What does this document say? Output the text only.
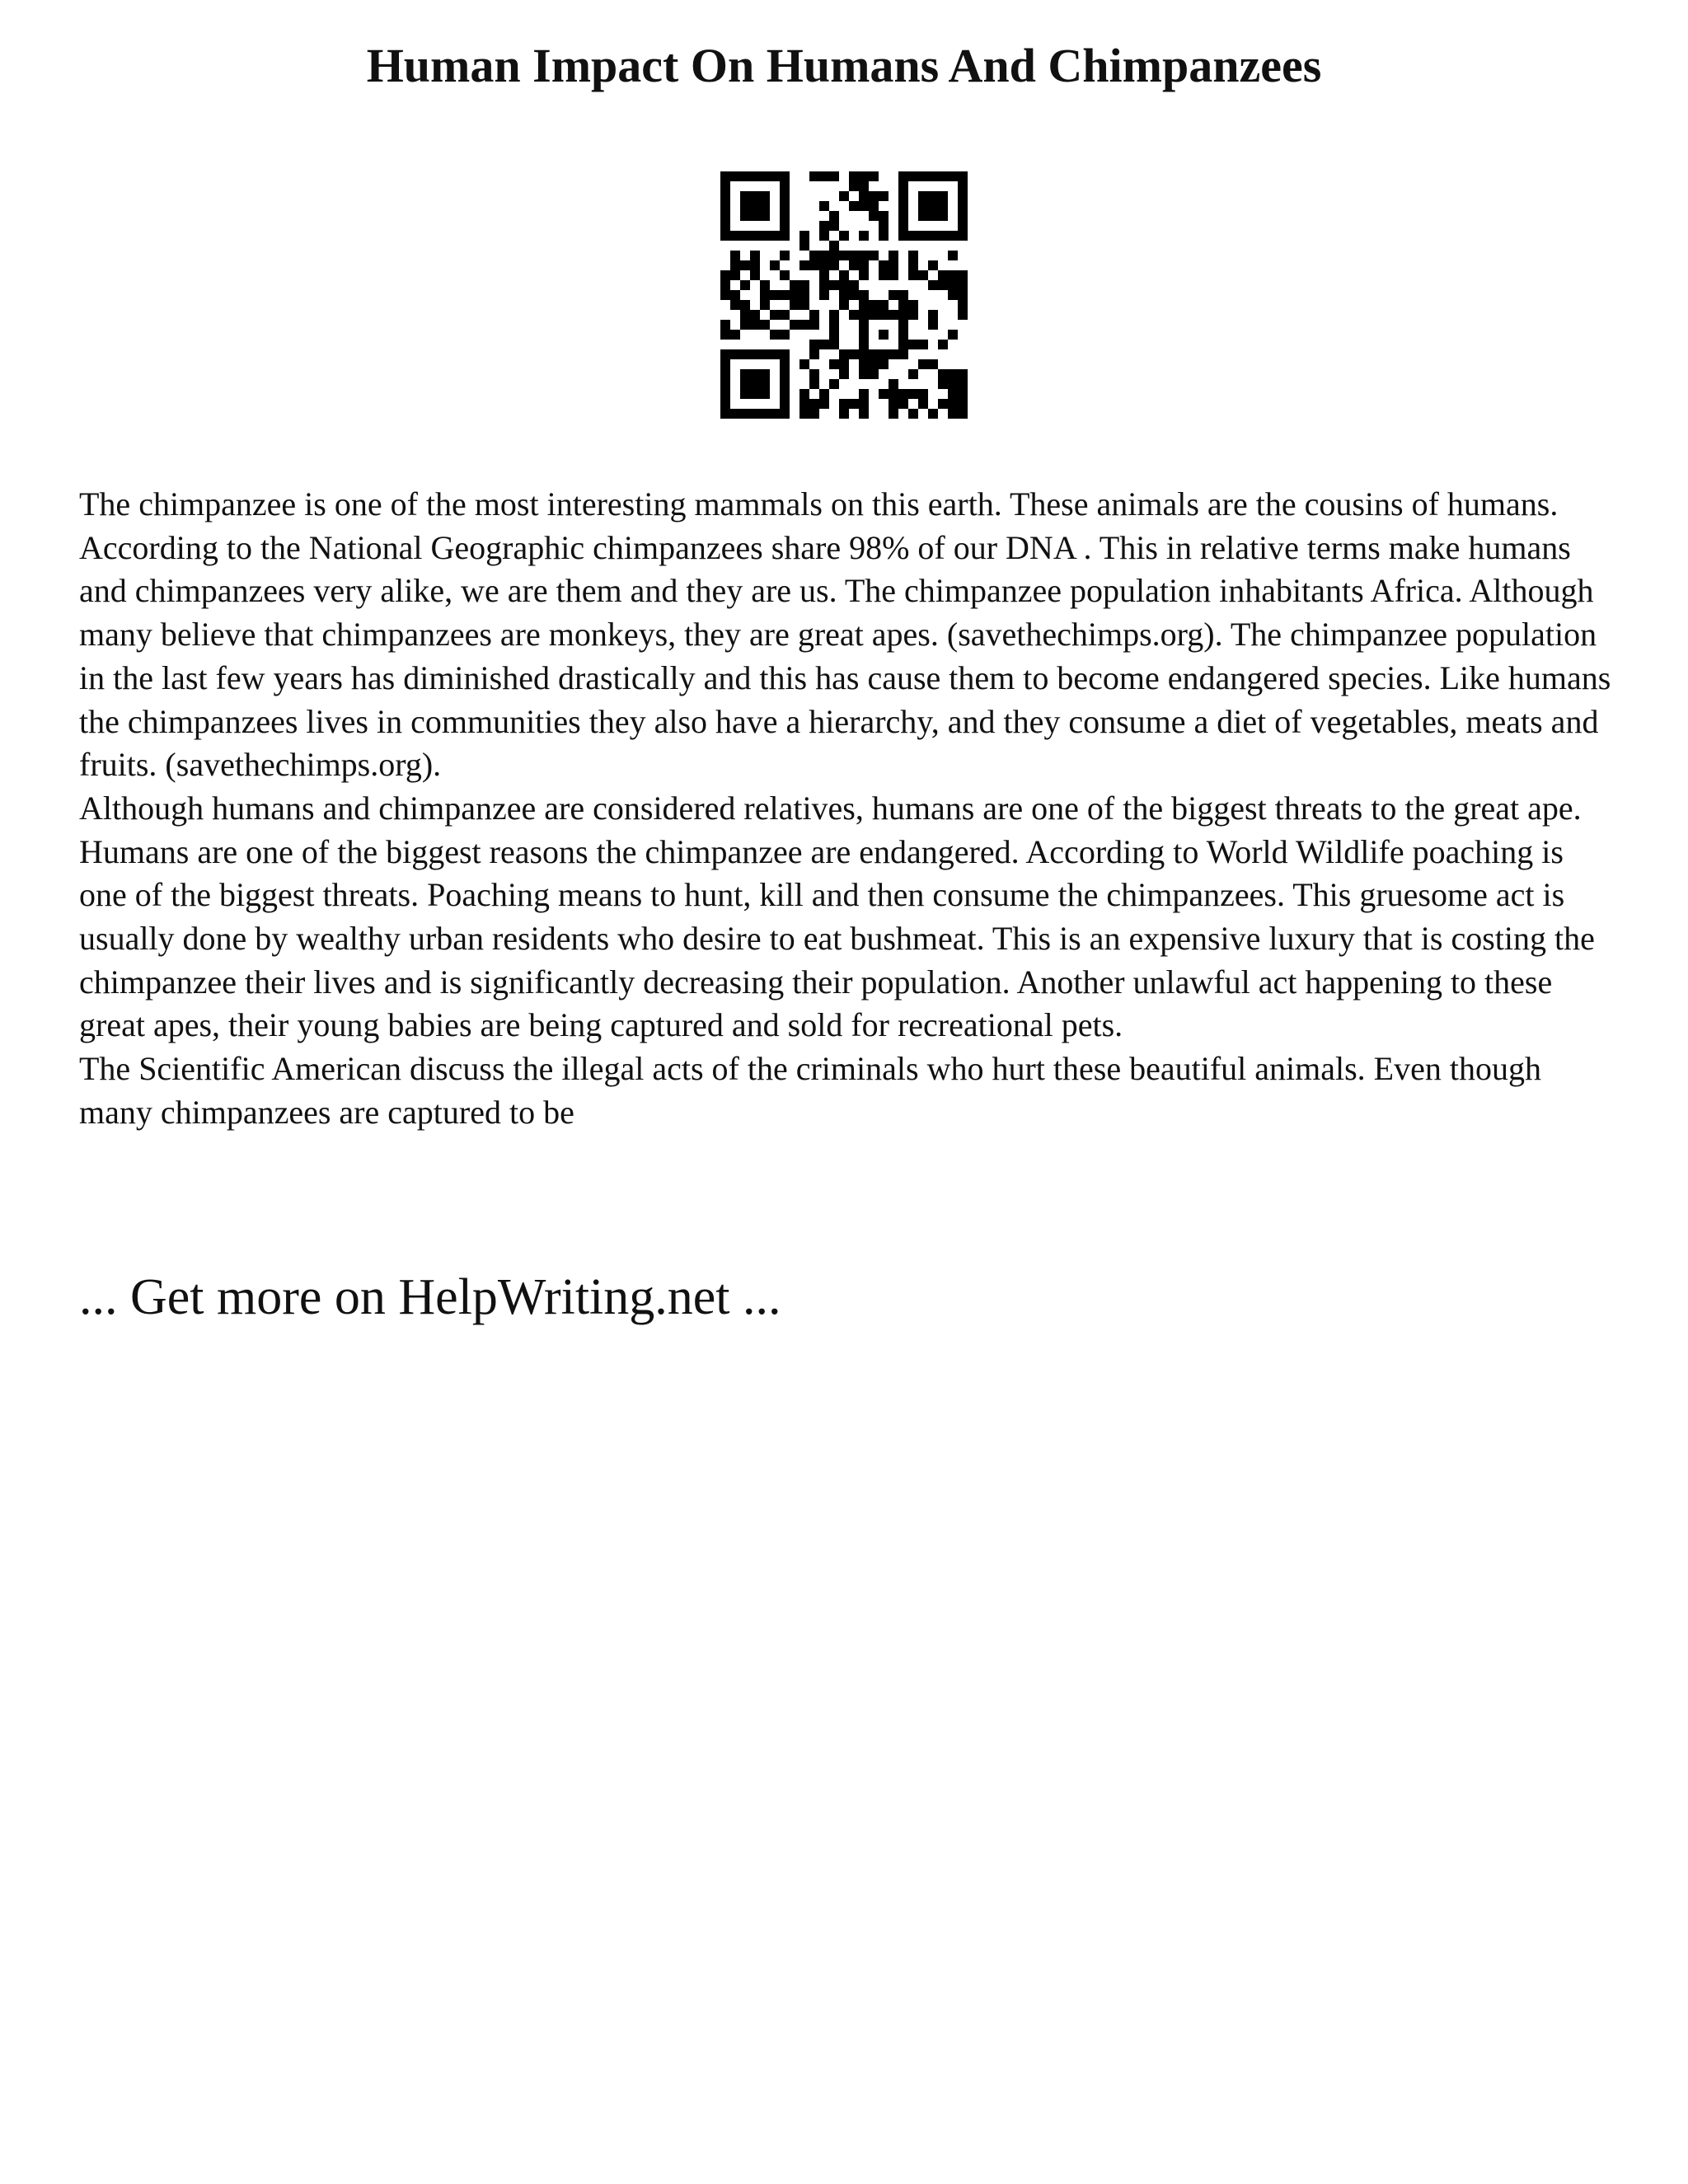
Human Impact On Humans And Chimpanzees

The chimpanzee is one of the most interesting mammals on this earth. These animals are the cousins of humans. According to the National Geographic chimpanzees share 98% of our DNA . This in relative terms make humans and chimpanzees very alike, we are them and they are us. The chimpanzee population inhabitants Africa. Although many believe that chimpanzees are monkeys, they are great apes. (savethechimps.org). The chimpanzee population in the last few years has diminished drastically and this has cause them to become endangered species. Like humans the chimpanzees lives in communities they also have a hierarchy, and they consume a diet of vegetables, meats and fruits. (savethechimps.org).

Although humans and chimpanzee are considered relatives, humans are one of the biggest threats to the great ape. Humans are one of the biggest reasons the chimpanzee are endangered. According to World Wildlife poaching is one of the biggest threats. Poaching means to hunt, kill and then consume the chimpanzees. This gruesome act is usually done by wealthy urban residents who desire to eat bushmeat. This is an expensive luxury that is costing the chimpanzee their lives and is significantly decreasing their population. Another unlawful act happening to these great apes, their young babies are being captured and sold for recreational pets.

The Scientific American discuss the illegal acts of the criminals who hurt these beautiful animals. Even though many chimpanzees are captured to be

... Get more on HelpWriting.net ...
